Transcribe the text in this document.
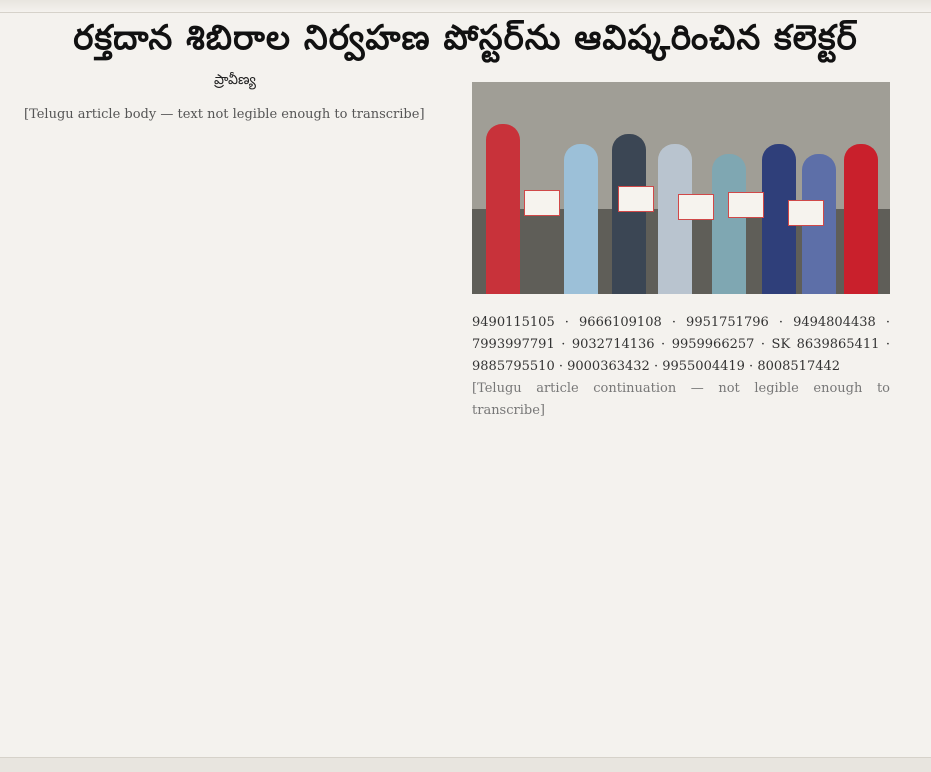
రక్తదాన శిబిరాల నిర్వహణ పోస్టర్‌ను ఆవిష్కరించిన కలెక్టర్
ప్రావీణ్య
[Telugu article body — text not legible enough to transcribe]
9490115105 · 9666109108 · 9951751796 · 9494804438 · 7993997791 · 9032714136 · 9959966257 · SK 8639865411 · 9885795510 · 9000363432 · 9955004419 · 8008517442
[Telugu article continuation — not legible enough to transcribe]
